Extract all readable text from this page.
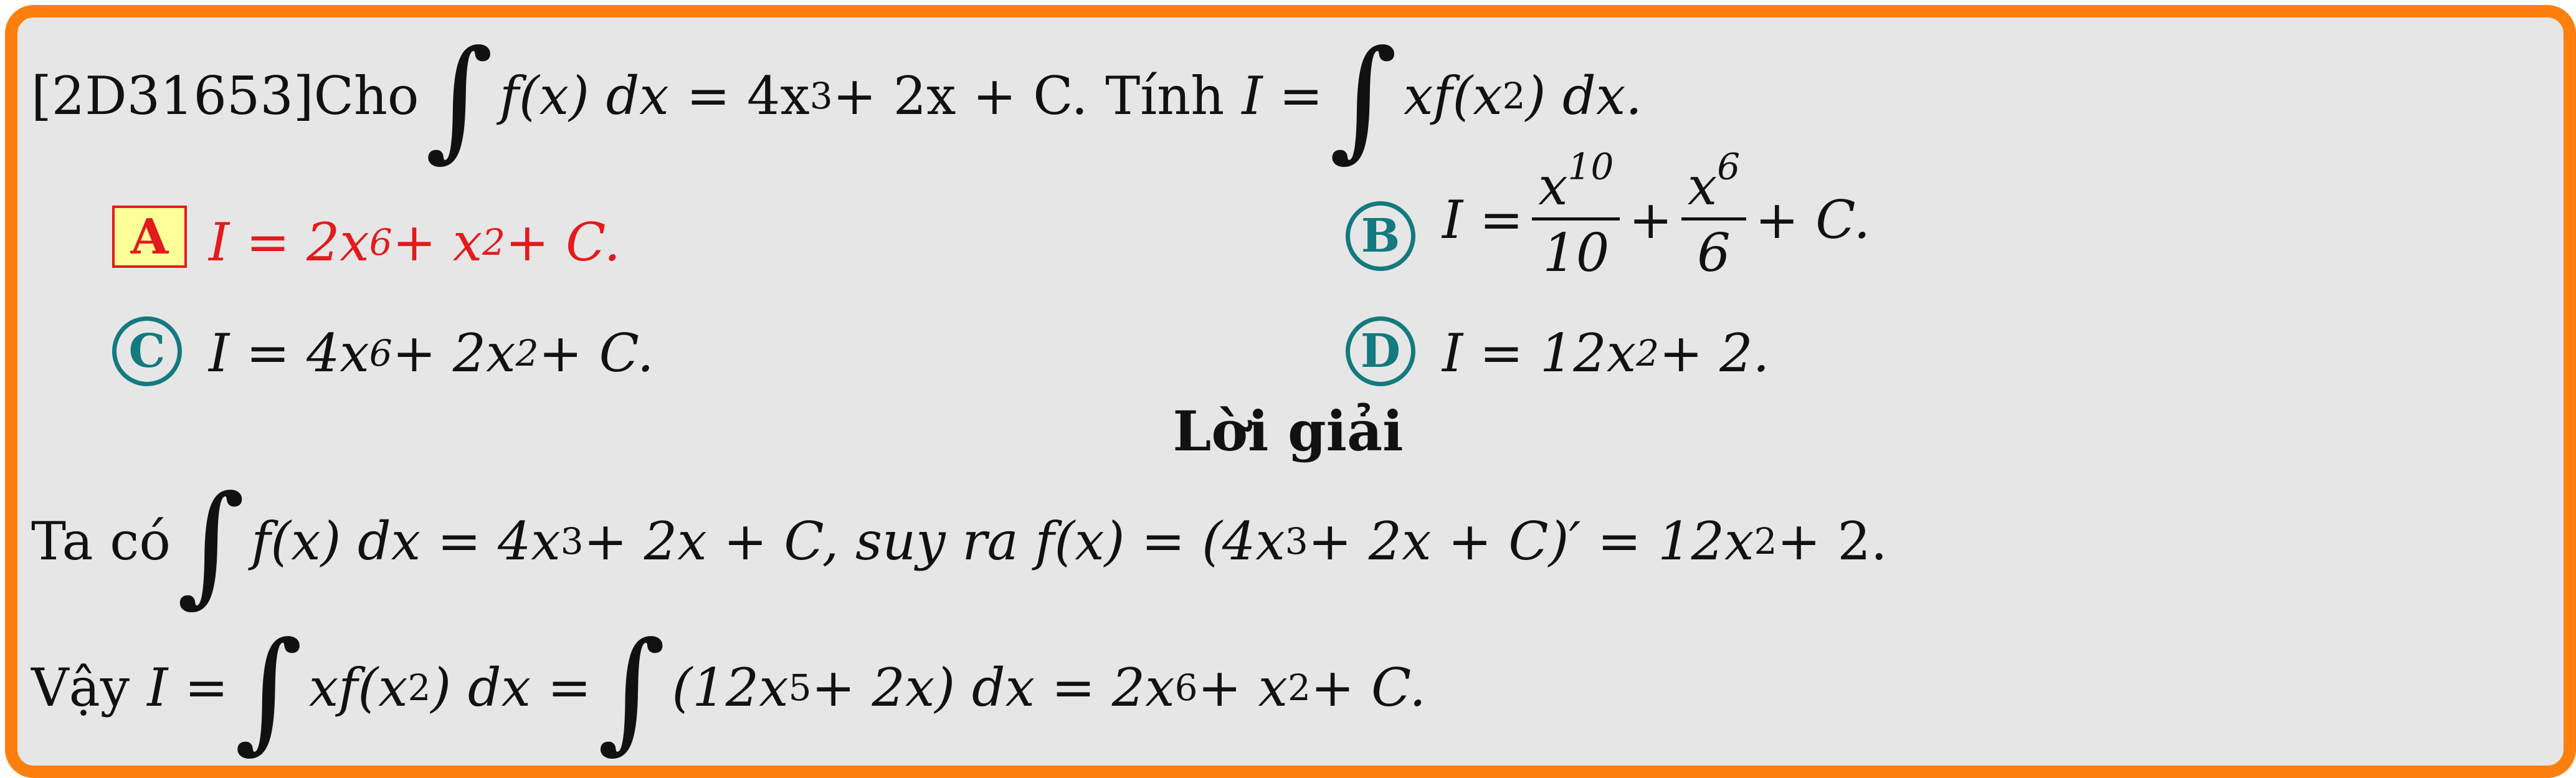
[2D31653] Cho ∫ f(x) dx = 4x 3 + 2x + C. Tính I = ∫ xf(x 2 ) dx.
A I = 2x 6 + x 2 + C.	B $I = \frac{x^{10}}{10} + \frac{x^6}{6} + C$.
C I = 4x 6 + 2x 2 + C.	D I = 12x 2 + 2.
Lời giải
Ta có ∫ f(x) dx = 4x 3 + 2x + C, suy ra f(x) = (4x 3 + 2x + C)′ = 12x 2 + 2.
Vậy I = ∫ xf(x 2 ) dx = ∫ (12x 5 + 2x) dx = 2x 6 + x 2 + C.
